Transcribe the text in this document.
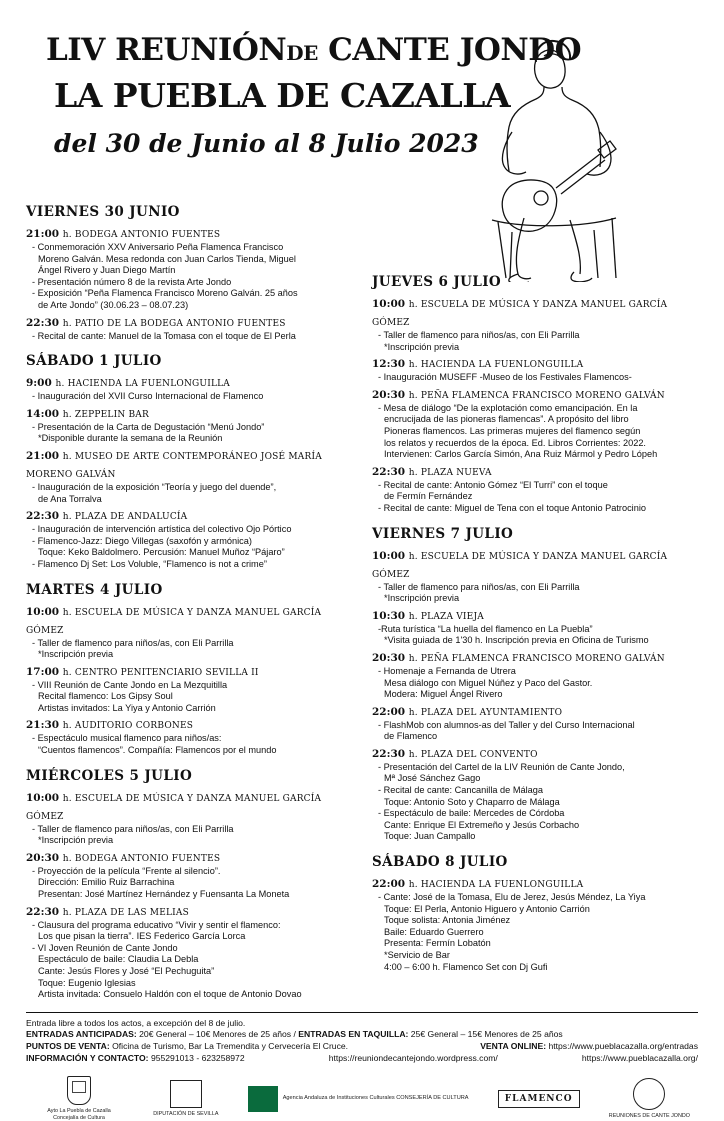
LIV REUNIÓNDE CANTE JONDO
LA PUEBLA DE CAZALLA
del 30 de Junio al 8 Julio 2023
VIERNES 30 JUNIO
21:00 h. BODEGA ANTONIO FUENTES
- Conmemoración XXV Aniversario Peña Flamenca Francisco
Moreno Galván. Mesa redonda con Juan Carlos Tienda, Miguel
Ángel Rivero y Juan Diego Martín
- Presentación número 8 de la revista Arte Jondo
- Exposición “Peña Flamenca Francisco Moreno Galván. 25 años
de Arte Jondo” (30.06.23 – 08.07.23)
22:30 h. PATIO DE LA BODEGA ANTONIO FUENTES
- Recital de cante: Manuel de la Tomasa con el toque de El Perla
SÁBADO 1 JULIO
9:00 h. HACIENDA LA FUENLONGUILLA
- Inauguración del XVII Curso Internacional de Flamenco
14:00 h. ZEPPELIN BAR
- Presentación de la Carta de Degustación “Menú Jondo”
*Disponible durante la semana de la Reunión
21:00 h. MUSEO DE ARTE CONTEMPORÁNEO JOSÉ MARÍA MORENO GALVÁN
- Inauguración de la exposición “Teoría y juego del duende”,
de Ana Torralva
22:30 h. PLAZA DE ANDALUCÍA
- Inauguración de intervención artística del colectivo Ojo Pórtico
- Flamenco-Jazz: Diego Villegas (saxofón y armónica)
Toque: Keko Baldolmero. Percusión: Manuel Muñoz “Pájaro”
- Flamenco Dj Set: Los Voluble, “Flamenco is not a crime”
MARTES 4 JULIO
10:00 h. ESCUELA DE MÚSICA Y DANZA MANUEL GARCÍA GÓMEZ
- Taller de flamenco para niños/as, con Eli Parrilla
*Inscripción previa
17:00 h. CENTRO PENITENCIARIO SEVILLA II
- VIII Reunión de Cante Jondo en La Mezquitilla
Recital flamenco: Los Gipsy Soul
Artistas invitados: La Yiya y Antonio Carrión
21:30 h. AUDITORIO CORBONES
- Espectáculo musical flamenco para niños/as:
“Cuentos flamencos”. Compañía: Flamencos por el mundo
MIÉRCOLES 5 JULIO
10:00 h. ESCUELA DE MÚSICA Y DANZA MANUEL GARCÍA GÓMEZ
- Taller de flamenco para niños/as, con Eli Parrilla
*Inscripción previa
20:30 h. BODEGA ANTONIO FUENTES
- Proyección de la película “Frente al silencio”.
Dirección: Emilio Ruiz Barrachina
Presentan: José Martínez Hernández y Fuensanta La Moneta
22:30 h. PLAZA DE LAS MELIAS
- Clausura del programa educativo “Vivir y sentir el flamenco:
Los que pisan la tierra”. IES Federico García Lorca
- VI Joven Reunión de Cante Jondo
Espectáculo de baile: Claudia La Debla
Cante: Jesús Flores y José “El Pechuguita”
Toque: Eugenio Iglesias
Artista invitada: Consuelo Haldón con el toque de Antonio Dovao
JUEVES 6 JULIO
10:00 h. ESCUELA DE MÚSICA Y DANZA MANUEL GARCÍA GÓMEZ
- Taller de flamenco para niños/as, con Eli Parrilla
*Inscripción previa
12:30 h. HACIENDA LA FUENLONGUILLA
- Inauguración MUSEFF -Museo de los Festivales Flamencos-
20:30 h. PEÑA FLAMENCA FRANCISCO MORENO GALVÁN
- Mesa de diálogo “De la explotación como emancipación. En la
encrucijada de las pioneras flamencas”. A propósito del libro
Pioneras flamencos. Las primeras mujeres del flamenco según
los relatos y recuerdos de la época. Ed. Libros Corrientes: 2022.
Intervienen: Carlos García Simón, Ana Ruiz Mármol y Pedro Lópeh
22:30 h. PLAZA NUEVA
- Recital de cante: Antonio Gómez “El Turri” con el toque
de Fermín Fernández
- Recital de cante: Miguel de Tena con el toque Antonio Patrocinio
VIERNES 7 JULIO
10:00 h. ESCUELA DE MÚSICA Y DANZA MANUEL GARCÍA GÓMEZ
- Taller de flamenco para niños/as, con Eli Parrilla
*Inscripción previa
10:30 h. PLAZA VIEJA
-Ruta turística “La huella del flamenco en La Puebla”
*Visita guiada de 1'30 h. Inscripción previa en Oficina de Turismo
20:30 h. PEÑA FLAMENCA FRANCISCO MORENO GALVÁN
- Homenaje a Fernanda de Utrera
Mesa diálogo con Miguel Núñez y Paco del Gastor.
Modera: Miguel Ángel Rivero
22:00 h. PLAZA DEL AYUNTAMIENTO
- FlashMob con alumnos-as del Taller y del Curso Internacional
de Flamenco
22:30 h. PLAZA DEL CONVENTO
- Presentación del Cartel de la LIV Reunión de Cante Jondo,
Mª José Sánchez Gago
- Recital de cante: Cancanilla de Málaga
Toque: Antonio Soto y Chaparro de Málaga
- Espectáculo de baile: Mercedes de Córdoba
Cante: Enrique El Extremeño y Jesús Corbacho
Toque: Juan Campallo
SÁBADO 8 JULIO
22:00 h. HACIENDA LA FUENLONGUILLA
- Cante: José de la Tomasa, Elu de Jerez, Jesús Méndez, La Yiya
Toque: El Perla, Antonio Higuero y Antonio Carrión
Toque solista: Antonia Jiménez
Baile: Eduardo Guerrero
Presenta: Fermín Lobatón
*Servicio de Bar
4:00 – 6:00 h. Flamenco Set con Dj Gufi
Entrada libre a todos los actos, a excepción del 8 de julio.
ENTRADAS ANTICIPADAS: 20€ General – 10€ Menores de 25 años / ENTRADAS EN TAQUILLA: 25€ General – 15€ Menores de 25 años
PUNTOS DE VENTA: Oficina de Turismo, Bar La Tremendita y Cervecería El Cruce.	VENTA ONLINE: https://www.pueblacazalla.org/entradas
INFORMACIÓN Y CONTACTO: 955291013 - 623258972	https://reuniondecantejondo.wordpress.com/	https://www.pueblacazalla.org/
Ayto La Puebla de Cazalla Concejalía de Cultura
DIPUTACIÓN DE SEVILLA
Agencia Andaluza de Instituciones Culturales CONSEJERÍA DE CULTURA	FLAMENCO
REUNIONES DE CANTE JONDO
